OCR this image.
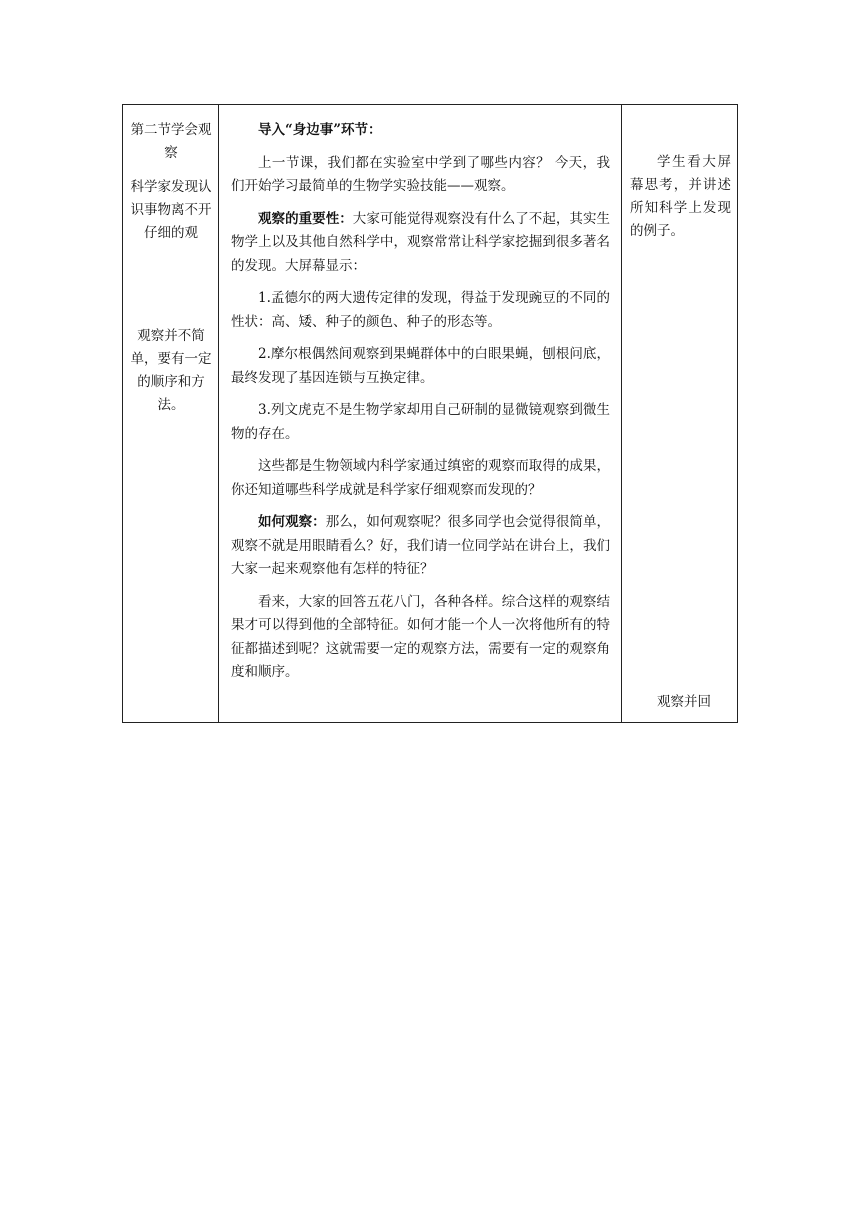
第二节学会观察

科学家发现认识事物离不开仔细的观

观察并不简单，要有一定的顺序和方法。

导入“身边事”环节：

上一节课，我们都在实验室中学到了哪些内容？ 今天，我们开始学习最简单的生物学实验技能——观察。

观察的重要性：大家可能觉得观察没有什么了不起，其实生物学上以及其他自然科学中，观察常常让科学家挖掘到很多著名的发现。大屏幕显示：

1.孟德尔的两大遗传定律的发现，得益于发现豌豆的不同的性状：高、矮、种子的颜色、种子的形态等。

2.摩尔根偶然间观察到果蝇群体中的白眼果蝇，刨根问底，最终发现了基因连锁与互换定律。

3.列文虎克不是生物学家却用自己研制的显微镜观察到微生物的存在。

这些都是生物领域内科学家通过缜密的观察而取得的成果，你还知道哪些科学成就是科学家仔细观察而发现的？

如何观察：那么，如何观察呢？很多同学也会觉得很简单，观察不就是用眼睛看么？好，我们请一位同学站在讲台上，我们大家一起来观察他有怎样的特征？

看来，大家的回答五花八门，各种各样。综合这样的观察结果才可以得到他的全部特征。如何才能一个人一次将他所有的特征都描述到呢？这就需要一定的观察方法，需要有一定的观察角度和顺序。

学生看大屏幕思考，并讲述所知科学上发现的例子。

观察并回
